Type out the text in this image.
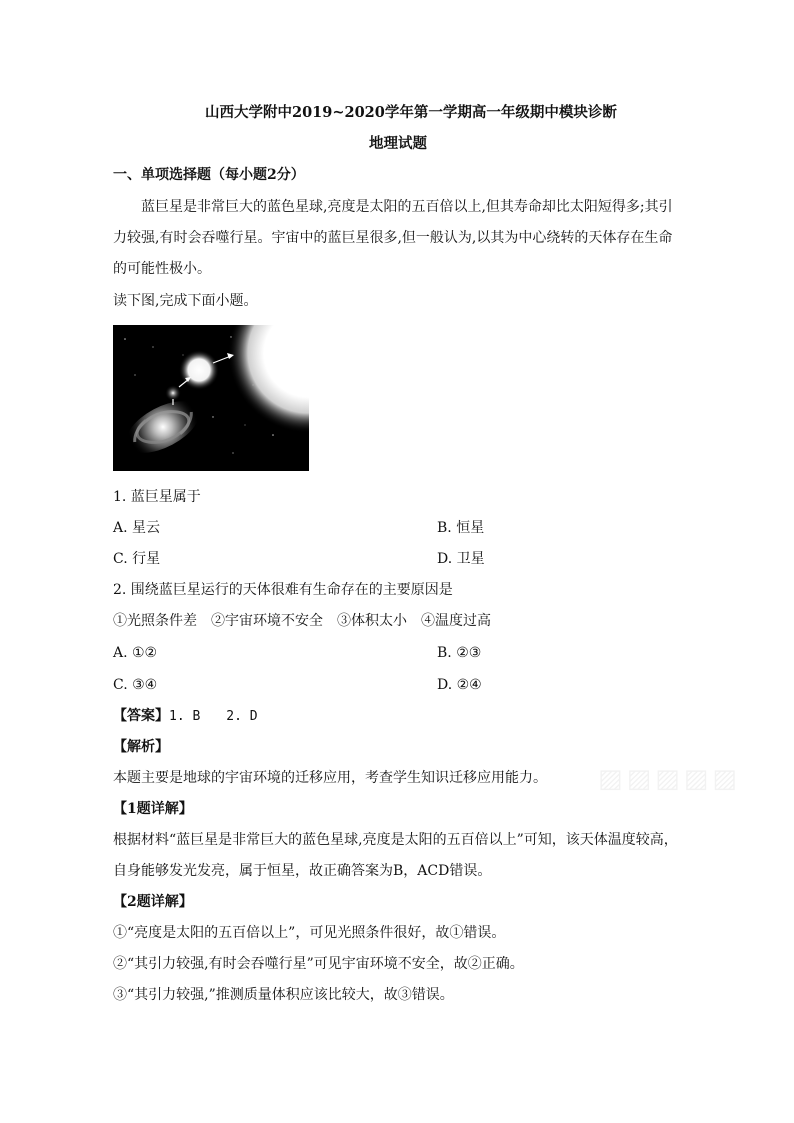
山西大学附中2019~2020学年第一学期高一年级期中模块诊断
地理试题
一、单项选择题（每小题2分）
蓝巨星是非常巨大的蓝色星球,亮度是太阳的五百倍以上,但其寿命却比太阳短得多;其引
力较强,有时会吞噬行星。宇宙中的蓝巨星很多,但一般认为,以其为中心绕转的天体存在生命
的可能性极小。
读下图,完成下面小题。
1. 蓝巨星属于
A. 星云	B. 恒星
C. 行星	D. 卫星
2. 围绕蓝巨星运行的天体很难有生命存在的主要原因是
①光照条件差　②宇宙环境不安全　③体积太小　④温度过高
A. ①②	B. ②③
C. ③④	D. ②④
【答案】1. B　　2. D
【解析】
本题主要是地球的宇宙环境的迁移应用，考查学生知识迁移应用能力。
【1题详解】
根据材料“蓝巨星是非常巨大的蓝色星球,亮度是太阳的五百倍以上”可知，该天体温度较高，
自身能够发光发亮，属于恒星，故正确答案为B，ACD错误。
【2题详解】
①“亮度是太阳的五百倍以上”，可见光照条件很好，故①错误。
②“其引力较强,有时会吞噬行星”可见宇宙环境不安全，故②正确。
③“其引力较强,”推测质量体积应该比较大，故③错误。
▨▨▨▨▨
